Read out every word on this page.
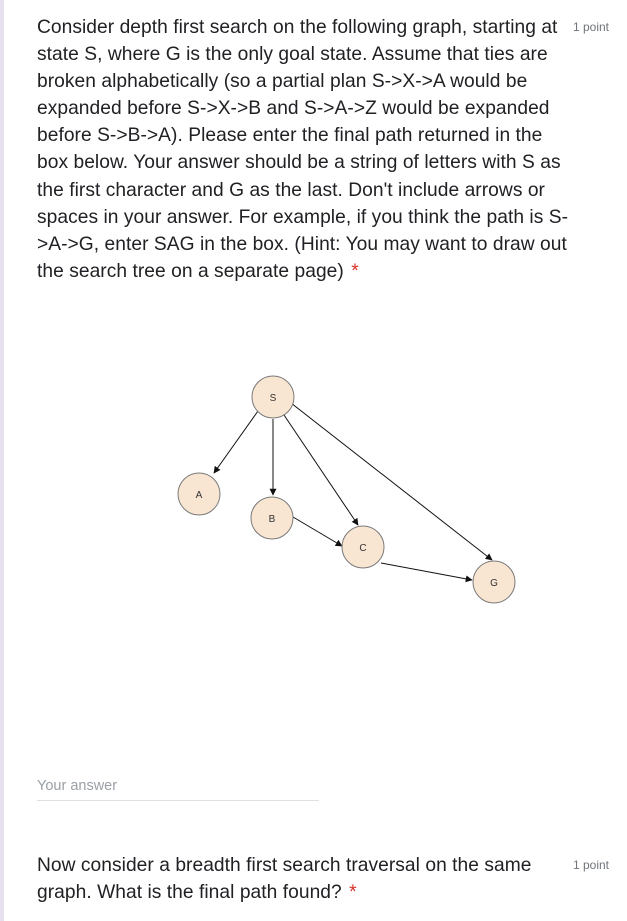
Consider depth first search on the following graph, starting at state S, where G is the only goal state. Assume that ties are broken alphabetically (so a partial plan S->X->A would be expanded before S->X->B and S->A->Z would be expanded before S->B->A). Please enter the final path returned in the box below. Your answer should be a string of letters with S as the first character and G as the last. Don't include arrows or spaces in your answer. For example, if you think the path is S->A->G, enter SAG in the box. (Hint: You may want to draw out the search tree on a separate page) *

1 point
S
A
B
C
G
Your answer

Now consider a breadth first search traversal on the same graph. What is the final path found? *

1 point
